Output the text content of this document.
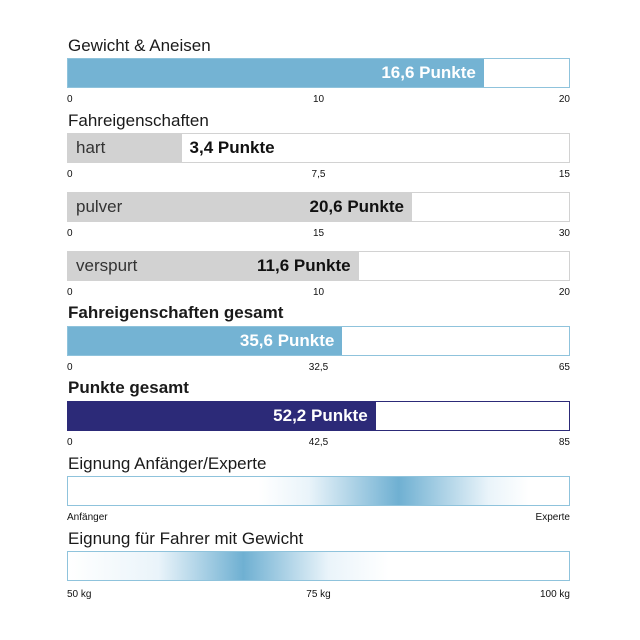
Gewicht & Aneisen
16,6 Punkte
0	10	20
Fahreigenschaften
hart	3,4 Punkte
0	7,5	15
pulver	20,6 Punkte
0	15	30
verspurt	11,6 Punkte
0	10	20
Fahreigenschaften gesamt
35,6 Punkte
0	32,5	65
Punkte gesamt
52,2 Punkte
0	42,5	85
Eignung Anfänger/Experte
Anfänger	Experte
Eignung für Fahrer mit Gewicht
50 kg	75 kg	100 kg
